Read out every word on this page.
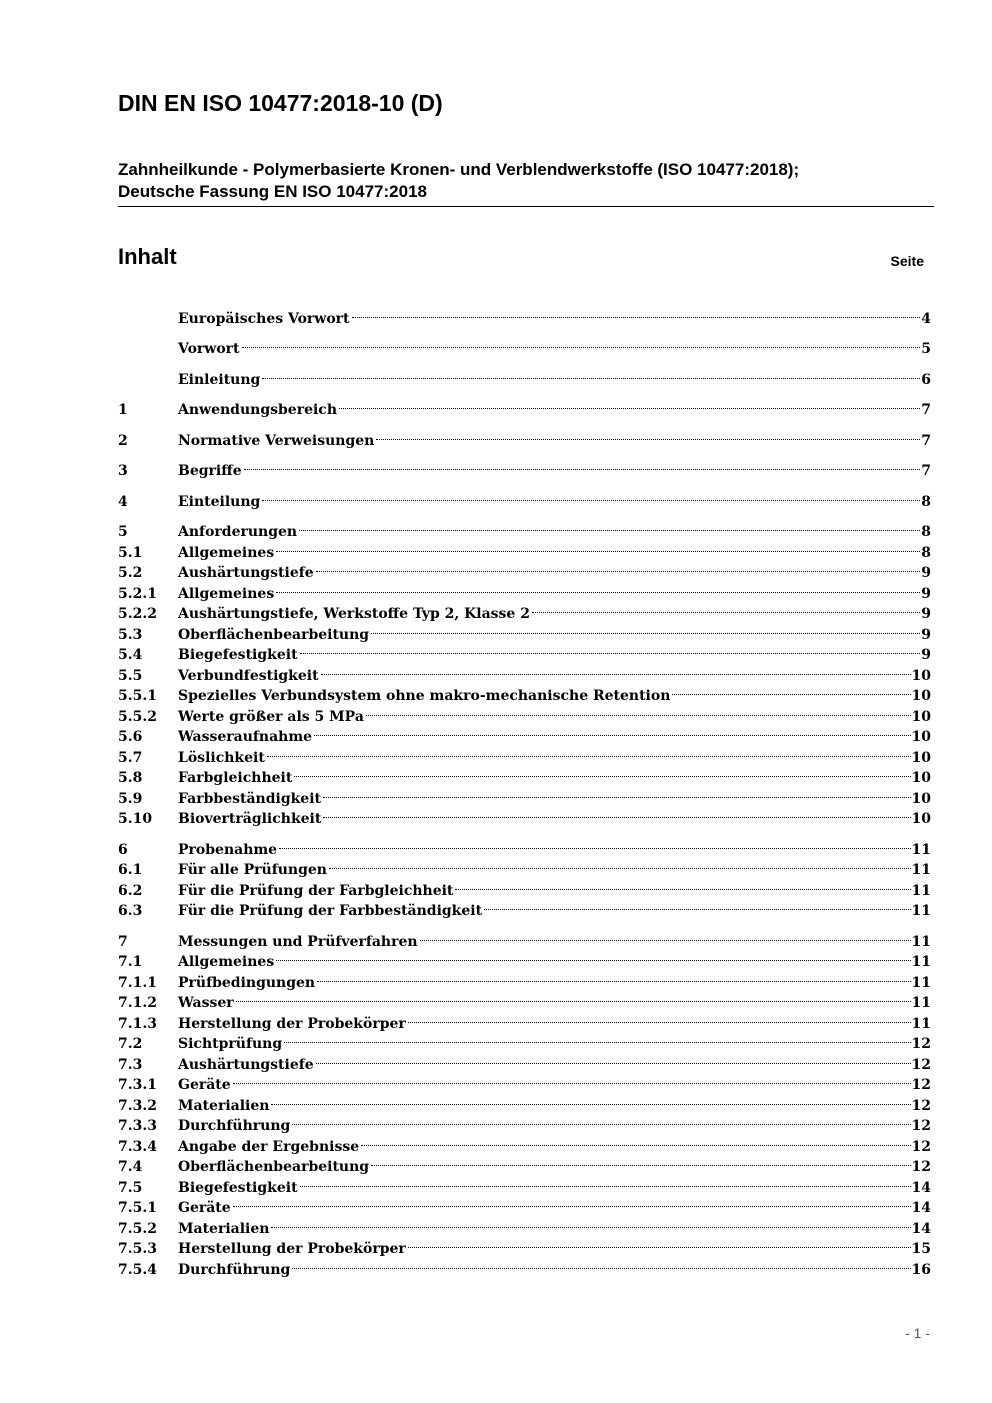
DIN EN ISO 10477:2018-10 (D)
Zahnheilkunde - Polymerbasierte Kronen- und Verblendwerkstoffe (ISO 10477:2018);
Deutsche Fassung EN ISO 10477:2018
Inhalt	Seite
Europäisches Vorwort	4
Vorwort	5
Einleitung	6
1	Anwendungsbereich	7
2	Normative Verweisungen	7
3	Begriffe	7
4	Einteilung	8
5	Anforderungen	8
5.1	Allgemeines	8
5.2	Aushärtungstiefe	9
5.2.1	Allgemeines	9
5.2.2	Aushärtungstiefe, Werkstoffe Typ 2, Klasse 2	9
5.3	Oberflächenbearbeitung	9
5.4	Biegefestigkeit	9
5.5	Verbundfestigkeit	10
5.5.1	Spezielles Verbundsystem ohne makro-mechanische Retention	10
5.5.2	Werte größer als 5 MPa	10
5.6	Wasseraufnahme	10
5.7	Löslichkeit	10
5.8	Farbgleichheit	10
5.9	Farbbeständigkeit	10
5.10	Bioverträglichkeit	10
6	Probenahme	11
6.1	Für alle Prüfungen	11
6.2	Für die Prüfung der Farbgleichheit	11
6.3	Für die Prüfung der Farbbeständigkeit	11
7	Messungen und Prüfverfahren	11
7.1	Allgemeines	11
7.1.1	Prüfbedingungen	11
7.1.2	Wasser	11
7.1.3	Herstellung der Probekörper	11
7.2	Sichtprüfung	12
7.3	Aushärtungstiefe	12
7.3.1	Geräte	12
7.3.2	Materialien	12
7.3.3	Durchführung	12
7.3.4	Angabe der Ergebnisse	12
7.4	Oberflächenbearbeitung	12
7.5	Biegefestigkeit	14
7.5.1	Geräte	14
7.5.2	Materialien	14
7.5.3	Herstellung der Probekörper	15
7.5.4	Durchführung	16
- 1 -
